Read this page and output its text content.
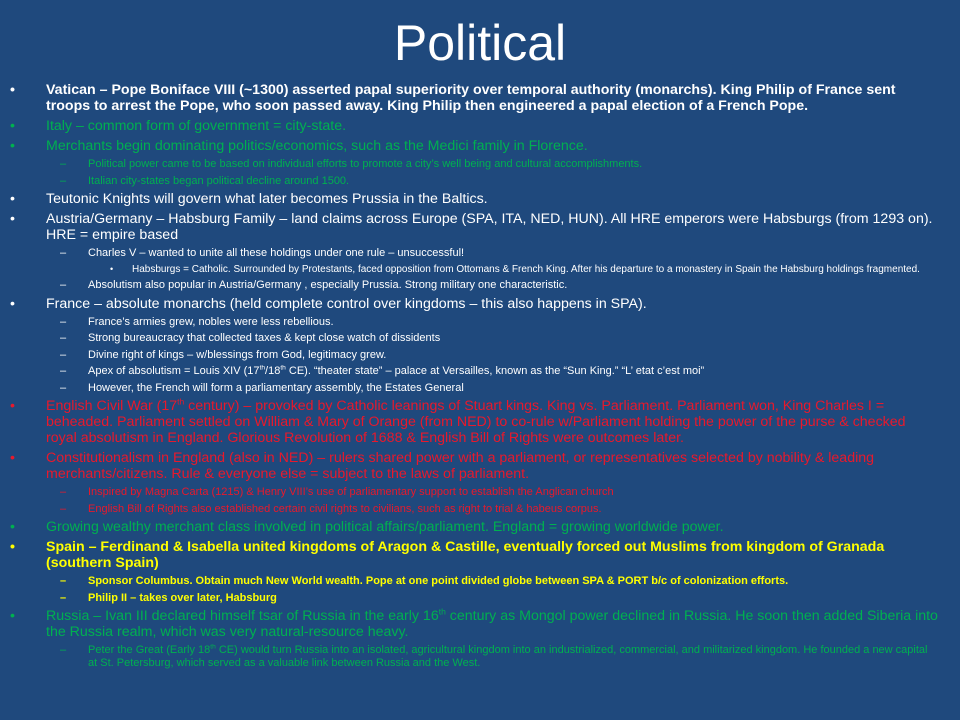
Political
• Vatican – Pope Boniface VIII (~1300) asserted papal superiority over temporal authority (monarchs). King Philip of France sent troops to arrest the Pope, who soon passed away. King Philip then engineered a papal election of a French Pope.
• Italy – common form of government = city-state.
• Merchants begin dominating politics/economics, such as the Medici family in Florence.
– Political power came to be based on individual efforts to promote a city’s well being and cultural accomplishments.
– Italian city-states began political decline around 1500.
• Teutonic Knights will govern what later becomes Prussia in the Baltics.
• Austria/Germany – Habsburg Family – land claims across Europe (SPA, ITA, NED, HUN). All HRE emperors were Habsburgs (from 1293 on). HRE = empire based
– Charles V – wanted to unite all these holdings under one rule – unsuccessful!
• Habsburgs = Catholic. Surrounded by Protestants, faced opposition from Ottomans & French King. After his departure to a monastery in Spain the Habsburg holdings fragmented.
– Absolutism also popular in Austria/Germany , especially Prussia. Strong military one characteristic.
• France – absolute monarchs (held complete control over kingdoms – this also happens in SPA).
– France’s armies grew, nobles were less rebellious.
– Strong bureaucracy that collected taxes & kept close watch of dissidents
– Divine right of kings – w/blessings from God, legitimacy grew.
– Apex of absolutism = Louis XIV (17th/18th CE). “theater state” – palace at Versailles, known as the “Sun King.” “L’ etat c’est moi”
– However, the French will form a parliamentary assembly, the Estates General
• English Civil War (17th century) – provoked by Catholic leanings of Stuart kings. King vs. Parliament. Parliament won, King Charles I = beheaded. Parliament settled on William & Mary of Orange (from NED) to co-rule w/Parliament holding the power of the purse & checked royal absolutism in England. Glorious Revolution of 1688 & English Bill of Rights were outcomes later.
• Constitutionalism in England (also in NED) – rulers shared power with a parliament, or representatives selected by nobility & leading merchants/citizens. Rule & everyone else = subject to the laws of parliament.
– Inspired by Magna Carta (1215) & Henry VIII’s use of parliamentary support to establish the Anglican church
– English Bill of Rights also established certain civil rights to civilians, such as right to trial & habeus corpus.
• Growing wealthy merchant class involved in political affairs/parliament. England = growing worldwide power.
• Spain – Ferdinand & Isabella united kingdoms of Aragon & Castille, eventually forced out Muslims from kingdom of Granada (southern Spain)
– Sponsor Columbus. Obtain much New World wealth. Pope at one point divided globe between SPA & PORT b/c of colonization efforts.
– Philip II – takes over later, Habsburg
• Russia – Ivan III declared himself tsar of Russia in the early 16th century as Mongol power declined in Russia. He soon then added Siberia into the Russia realm, which was very natural-resource heavy.
– Peter the Great (Early 18th CE) would turn Russia into an isolated, agricultural kingdom into an industrialized, commercial, and militarized kingdom. He founded a new capital at St. Petersburg, which served as a valuable link between Russia and the West.
